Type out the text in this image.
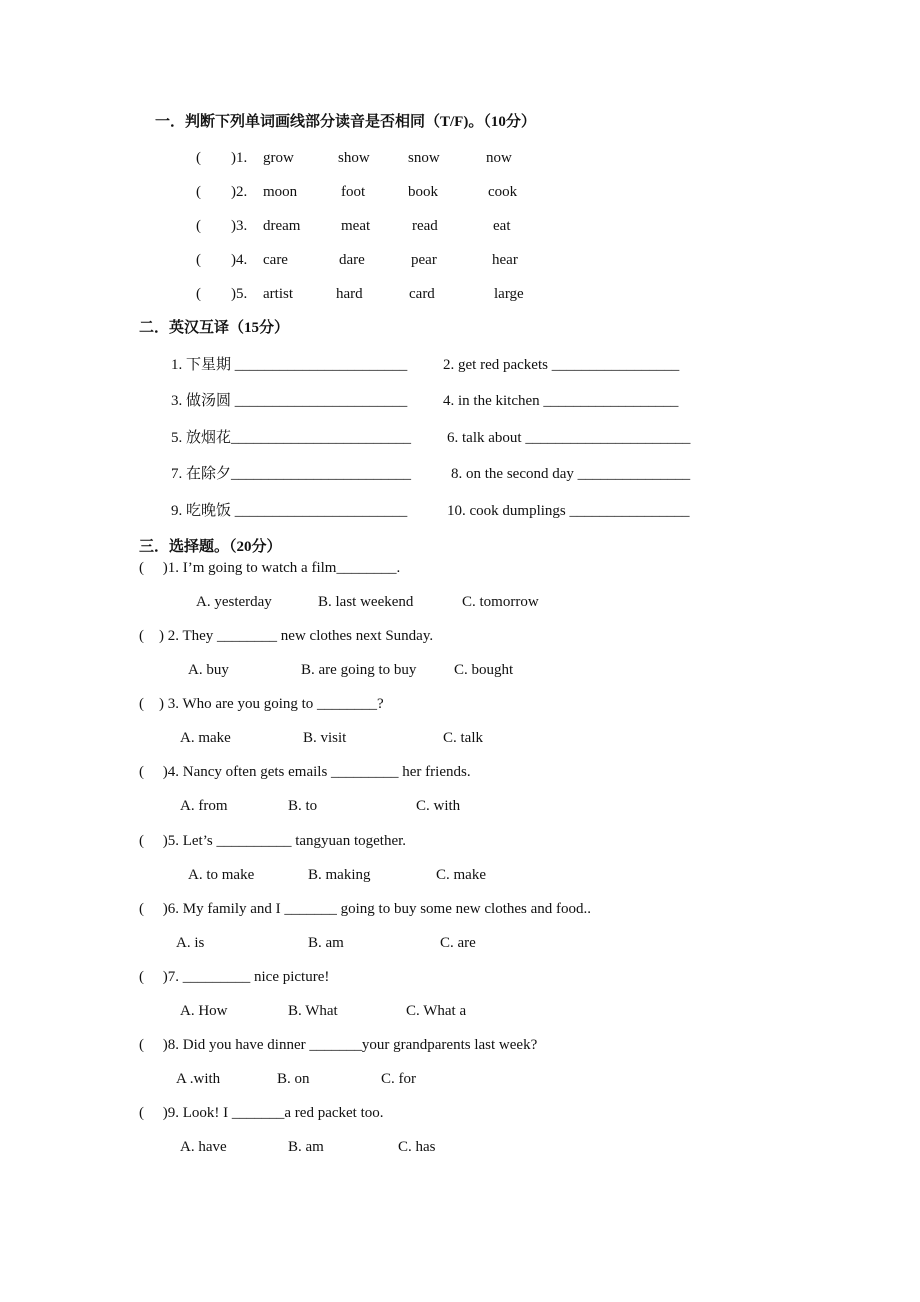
一．判断下列单词画线部分读音是否相同（T/F)。（10分）
(        )1. grow	show	snow	now
(        )2. moon	foot	book	cook
(        )3. dream	meat	read	eat
(        )4. care	dare	pear	hear
(        )5. artist	hard	card	large
二．英汉互译（15分）
1. 下星期 _______________________ 2. get red packets _________________
3. 做汤圆 _______________________ 4. in the kitchen __________________
5. 放烟花________________________ 6. talk about ______________________
7. 在除夕________________________	8. on the second day _______________
9. 吃晚饭 _______________________	10. cook dumplings ________________
三．选择题。（20分）
(     )1. I’m going to watch a film________.
A. yesterday	B. last weekend	C. tomorrow
(    ) 2. They ________ new clothes next Sunday.
A. buy	B. are going to buy	C. bought
(    ) 3. Who are you going to ________?
A. make	B. visit	C. talk
(     )4. Nancy often gets emails _________ her friends.
A. from	B. to	C. with
(     )5. Let’s __________ tangyuan together.
A. to make	B. making	C. make
(     )6. My family and I _______ going to buy some new clothes and food..
A. is	B. am	C. are
(     )7. _________ nice picture!
A. How	B. What	C. What a
(     )8. Did you have dinner _______your grandparents last week?
A .with	B. on	C. for
(     )9. Look! I _______a red packet too.
A. have	B. am	C. has
